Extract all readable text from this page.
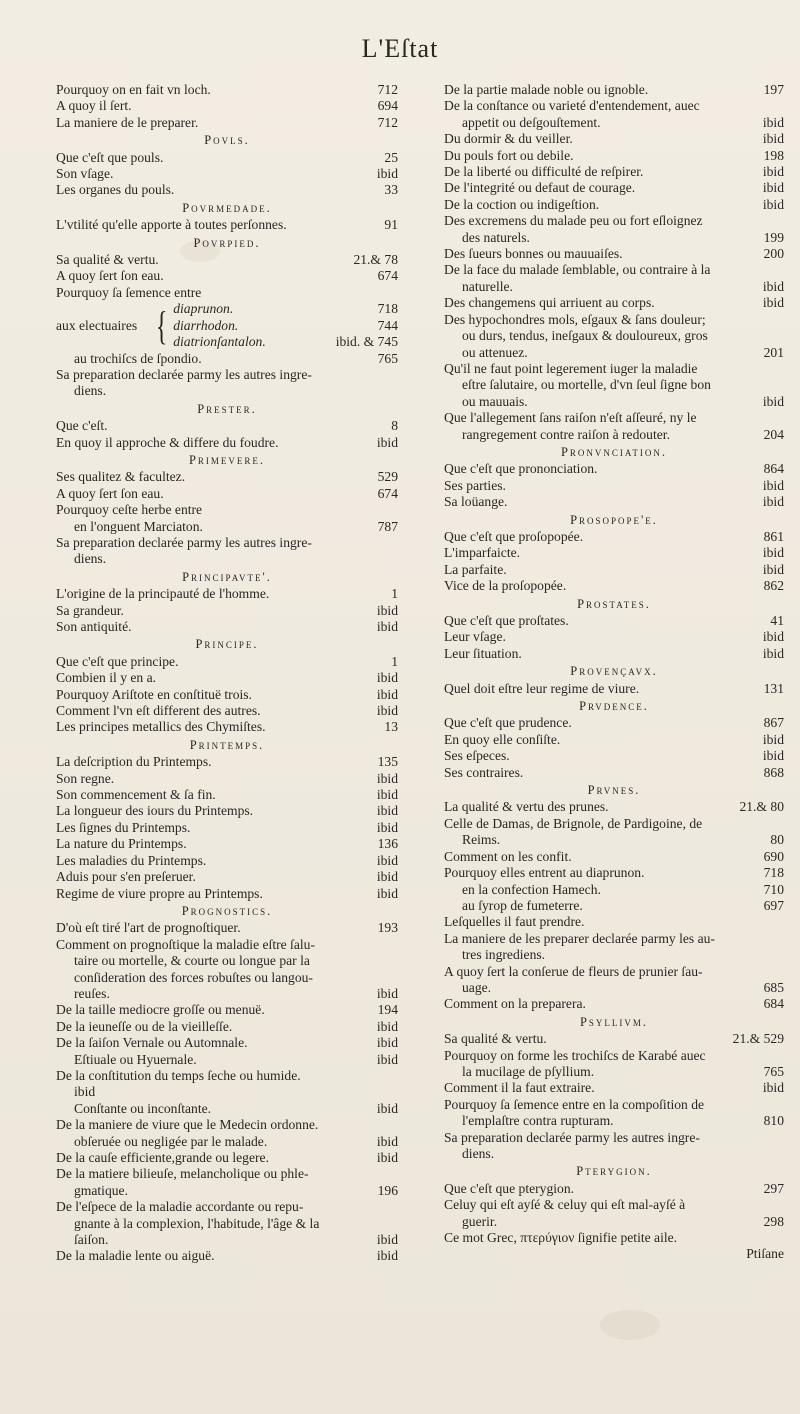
L'Eſtat
Pourquoy on en fait vn loch.	712
A quoy il ſert.	694
La maniere de le preparer.	712
Povls.
Que c'eſt que pouls.	25
Son vſage.	ibid
Les organes du pouls.	33
Povrmedade.
L'vtilité qu'elle apporte à toutes perſonnes.	91
Povrpied.
Sa qualité & vertu.	21.& 78
A quoy ſert ſon eau.	674
Pourquoy ſa ſemence entre
aux electuaires { diaprunon.	718
diarrhodon.	744
diatrionſantalon.	ibid. & 745
au trochiſcs de ſpondio.	765
Sa preparation declarée parmy les autres ingre-
diens.
Prester.
Que c'eſt.	8
En quoy il approche & differe du foudre.	ibid
Primevere.
Ses qualitez & facultez.	529
A quoy ſert ſon eau.	674
Pourquoy ceſte herbe entre
en l'onguent Marciaton.	787
Sa preparation declarée parmy les autres ingre-
diens.
Principavte'.
L'origine de la principauté de l'homme.	1
Sa grandeur.	ibid
Son antiquité.	ibid
Principe.
Que c'eſt que principe.	1
Combien il y en a.	ibid
Pourquoy Ariſtote en conſtituë trois.	ibid
Comment l'vn eſt different des autres.	ibid
Les principes metallics des Chymiſtes.	13
Printemps.
La deſcription du Printemps.	135
Son regne.	ibid
Son commencement & ſa fin.	ibid
La longueur des iours du Printemps.	ibid
Les ſignes du Printemps.	ibid
La nature du Printemps.	136
Les maladies du Printemps.	ibid
Aduis pour s'en preſeruer.	ibid
Regime de viure propre au Printemps.	ibid
Prognostics.
D'où eſt tiré l'art de prognoſtiquer.	193
Comment on prognoſtique la maladie eſtre ſalu-
taire ou mortelle, & courte ou longue par la
conſideration des forces robuſtes ou langou-
reuſes.	ibid
De la taille mediocre groſſe ou menuë.	194
De la ieuneſſe ou de la vieilleſſe.	ibid
De la ſaiſon Vernale ou Automnale.	ibid
Eſtiuale ou Hyuernale.	ibid
De la conſtitution du temps ſeche ou humide.
ibid
Conſtante ou inconſtante.	ibid
De la maniere de viure que le Medecin ordonne.
obſeruée ou negligée par le malade.	ibid
De la cauſe efficiente,grande ou legere.	ibid
De la matiere bilieuſe, melancholique ou phle-
gmatique.	196
De l'eſpece de la maladie accordante ou repu-
gnante à la complexion, l'habitude, l'âge & la
ſaiſon.	ibid
De la maladie lente ou aiguë.	ibid
De la partie malade noble ou ignoble.	197
De la conſtance ou varieté d'entendement, auec
appetit ou deſgouſtement.	ibid
Du dormir & du veiller.	ibid
Du pouls fort ou debile.	198
De la liberté ou difficulté de reſpirer.	ibid
De l'integrité ou defaut de courage.	ibid
De la coction ou indigeſtion.	ibid
Des excremens du malade peu ou fort eſloignez
des naturels.	199
Des ſueurs bonnes ou mauuaiſes.	200
De la face du malade ſemblable, ou contraire à la
naturelle.	ibid
Des changemens qui arriuent au corps.	ibid
Des hypochondres mols, eſgaux & ſans douleur;
ou durs, tendus, ineſgaux & douloureux, gros
ou attenuez.	201
Qu'il ne faut point legerement iuger la maladie
eſtre ſalutaire, ou mortelle, d'vn ſeul ſigne bon
ou mauuais.	ibid
Que l'allegement ſans raiſon n'eſt aſſeuré, ny le
rangregement contre raiſon à redouter.	204
Pronvnciation.
Que c'eſt que prononciation.	864
Ses parties.	ibid
Sa loüange.	ibid
Prosopope'e.
Que c'eſt que proſopopée.	861
L'imparfaicte.	ibid
La parfaite.	ibid
Vice de la proſopopée.	862
Prostates.
Que c'eſt que proſtates.	41
Leur vſage.	ibid
Leur ſituation.	ibid
Provençavx.
Quel doit eſtre leur regime de viure.	131
Prvdence.
Que c'eſt que prudence.	867
En quoy elle conſiſte.	ibid
Ses eſpeces.	ibid
Ses contraires.	868
Prvnes.
La qualité & vertu des prunes.	21.& 80
Celle de Damas, de Brignole, de Pardigoine, de
Reims.	80
Comment on les confit.	690
Pourquoy elles entrent au diaprunon.	718
en la confection Hamech.	710
au ſyrop de fumeterre.	697
Leſquelles il faut prendre.
La maniere de les preparer declarée parmy les au-
tres ingrediens.
A quoy ſert la conſerue de fleurs de prunier ſau-
uage.	685
Comment on la preparera.	684
Psyllivm.
Sa qualité & vertu.	21.& 529
Pourquoy on forme les trochiſcs de Karabé auec
la mucilage de pſyllium.	765
Comment il la faut extraire.	ibid
Pourquoy ſa ſemence entre en la compoſition de
l'emplaſtre contra rupturam.	810
Sa preparation declarée parmy les autres ingre-
diens.
Pterygion.
Que c'eſt que pterygion.	297
Celuy qui eſt ayſé & celuy qui eſt mal-ayſé à
guerir.	298
Ce mot Grec, πτερύγιον ſignifie petite aile.
Ptiſane
